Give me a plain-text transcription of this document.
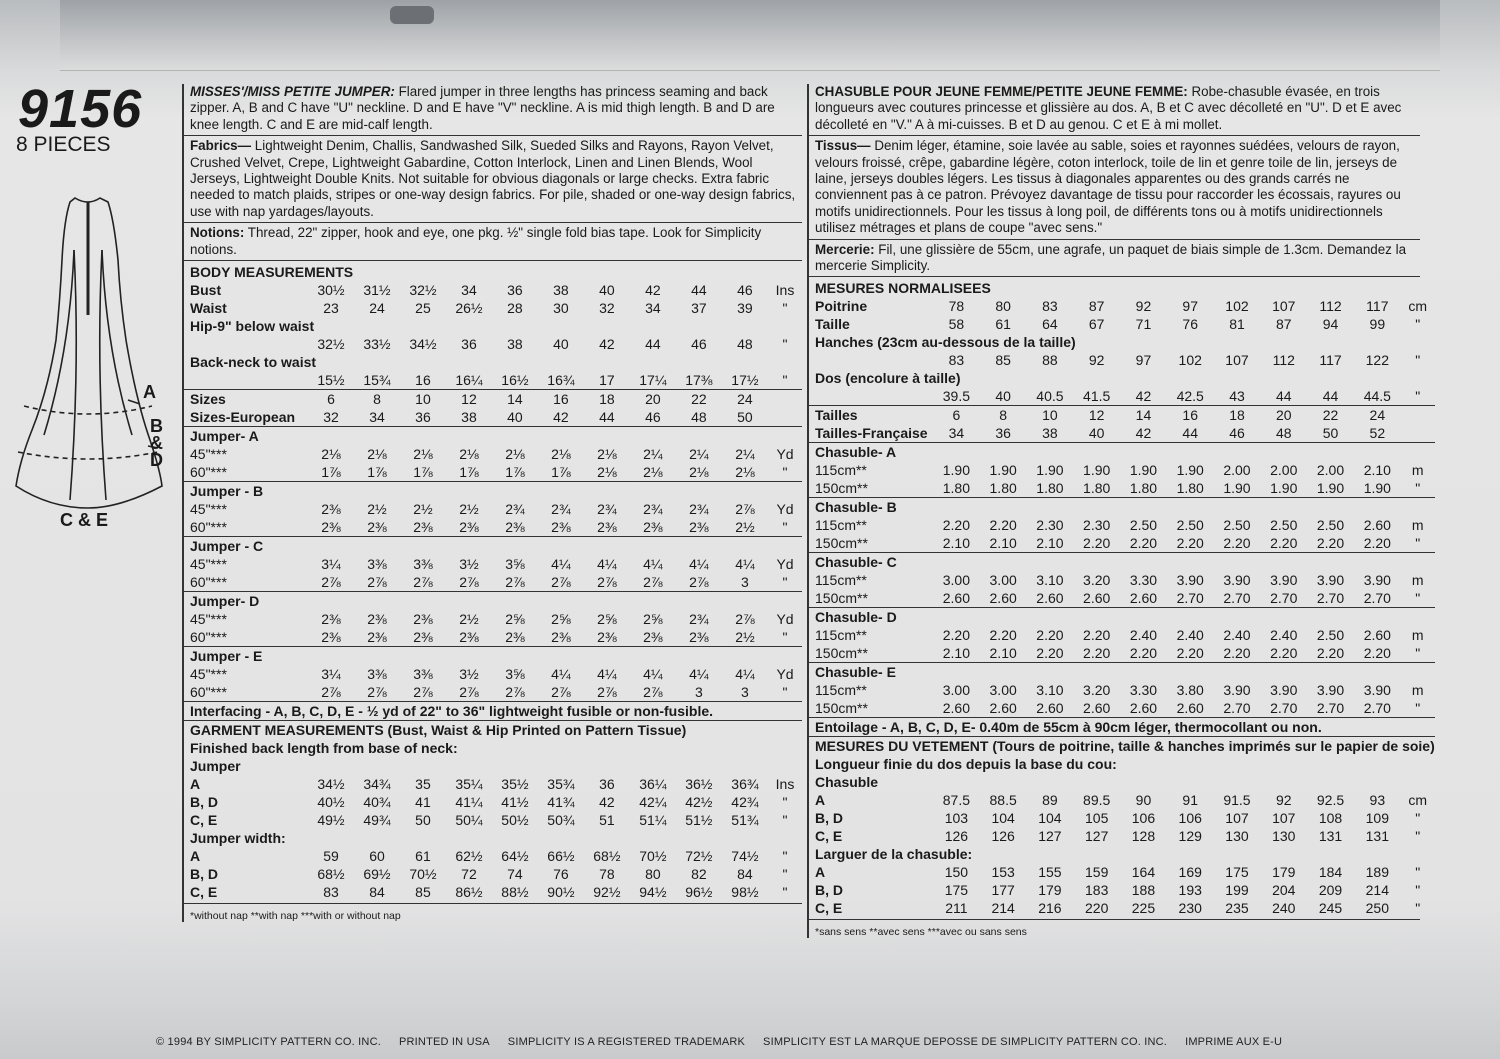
9156
8 PIECES
A
B & D
C & E
MISSES'/MISS PETITE JUMPER: Flared jumper in three lengths has princess seaming and back zipper. A, B and C have "U" neckline. D and E have "V" neckline. A is mid thigh length. B and D are knee length. C and E are mid-calf length.
Fabrics— Lightweight Denim, Challis, Sandwashed Silk, Sueded Silks and Rayons, Rayon Velvet, Crushed Velvet, Crepe, Lightweight Gabardine, Cotton Interlock, Linen and Linen Blends, Wool Jerseys, Lightweight Double Knits. Not suitable for obvious diagonals or large checks. Extra fabric needed to match plaids, stripes or one-way design fabrics. For pile, shaded or one-way design fabrics, use with nap yardages/layouts.
Notions: Thread, 22" zipper, hook and eye, one pkg. ½" single fold bias tape. Look for Simplicity notions.
BODY MEASUREMENTS											
Bust	30½	31½	32½	34	36	38	40	42	44	46	Ins
Waist	23	24	25	26½	28	30	32	34	37	39	"
Hip-9" below waist											
	32½	33½	34½	36	38	40	42	44	46	48	"
Back-neck to waist											
	15½	15¾	16	16¼	16½	16¾	17	17¼	17⅜	17½	"
Sizes	6	8	10	12	14	16	18	20	22	24	
Sizes-European	32	34	36	38	40	42	44	46	48	50	
Jumper- A											
45"***	2⅛	2⅛	2⅛	2⅛	2⅛	2⅛	2⅛	2¼	2¼	2¼	Yd
60"***	1⅞	1⅞	1⅞	1⅞	1⅞	1⅞	2⅛	2⅛	2⅛	2⅛	"
Jumper - B											
45"***	2⅜	2½	2½	2½	2¾	2¾	2¾	2¾	2¾	2⅞	Yd
60"***	2⅜	2⅜	2⅜	2⅜	2⅜	2⅜	2⅜	2⅜	2⅜	2½	"
Jumper - C											
45"***	3¼	3⅜	3⅜	3½	3⅝	4¼	4¼	4¼	4¼	4¼	Yd
60"***	2⅞	2⅞	2⅞	2⅞	2⅞	2⅞	2⅞	2⅞	2⅞	3	"
Jumper- D											
45"***	2⅜	2⅜	2⅜	2½	2⅝	2⅝	2⅝	2⅝	2¾	2⅞	Yd
60"***	2⅜	2⅜	2⅜	2⅜	2⅜	2⅜	2⅜	2⅜	2⅜	2½	"
Jumper - E											
45"***	3¼	3⅜	3⅜	3½	3⅝	4¼	4¼	4¼	4¼	4¼	Yd
60"***	2⅞	2⅞	2⅞	2⅞	2⅞	2⅞	2⅞	2⅞	3	3	"
Interfacing - A, B, C, D, E - ½ yd of 22" to 36" lightweight fusible or non-fusible.											
GARMENT MEASUREMENTS (Bust, Waist & Hip Printed on Pattern Tissue)											
Finished back length from base of neck:											
Jumper											
A	34½	34¾	35	35¼	35½	35¾	36	36¼	36½	36¾	Ins
B, D	40½	40¾	41	41¼	41½	41¾	42	42¼	42½	42¾	"
C, E	49½	49¾	50	50¼	50½	50¾	51	51¼	51½	51¾	"
Jumper width:											
A	59	60	61	62½	64½	66½	68½	70½	72½	74½	"
B, D	68½	69½	70½	72	74	76	78	80	82	84	"
C, E	83	84	85	86½	88½	90½	92½	94½	96½	98½	"
*without nap **with nap ***with or without nap
CHASUBLE POUR JEUNE FEMME/PETITE JEUNE FEMME: Robe-chasuble évasée, en trois longueurs avec coutures princesse et glissière au dos. A, B et C avec décolleté en "U". D et E avec décolleté en "V." A à mi-cuisses. B et D au genou. C et E à mi mollet.
Tissus— Denim léger, étamine, soie lavée au sable, soies et rayonnes suédées, velours de rayon, velours froissé, crêpe, gabardine légère, coton interlock, toile de lin et genre toile de lin, jerseys de laine, jerseys doubles légers. Les tissus à diagonales apparentes ou des grands carrés ne conviennent pas à ce patron. Prévoyez davantage de tissu pour raccorder les écossais, rayures ou motifs unidirectionnels. Pour les tissus à long poil, de différents tons ou à motifs unidirectionnels utilisez métrages et plans de coupe "avec sens."
Mercerie: Fil, une glissière de 55cm, une agrafe, un paquet de biais simple de 1.3cm. Demandez la mercerie Simplicity.
MESURES NORMALISEES											
Poitrine	78	80	83	87	92	97	102	107	112	117	cm
Taille	58	61	64	67	71	76	81	87	94	99	"
Hanches (23cm au-dessous de la taille)											
	83	85	88	92	97	102	107	112	117	122	"
Dos (encolure à taille)											
	39.5	40	40.5	41.5	42	42.5	43	44	44	44.5	"
Tailles	6	8	10	12	14	16	18	20	22	24	
Tailles-Française	34	36	38	40	42	44	46	48	50	52	
Chasuble- A											
115cm**	1.90	1.90	1.90	1.90	1.90	1.90	2.00	2.00	2.00	2.10	m
150cm**	1.80	1.80	1.80	1.80	1.80	1.80	1.90	1.90	1.90	1.90	"
Chasuble- B											
115cm**	2.20	2.20	2.30	2.30	2.50	2.50	2.50	2.50	2.50	2.60	m
150cm**	2.10	2.10	2.10	2.20	2.20	2.20	2.20	2.20	2.20	2.20	"
Chasuble- C											
115cm**	3.00	3.00	3.10	3.20	3.30	3.90	3.90	3.90	3.90	3.90	m
150cm**	2.60	2.60	2.60	2.60	2.60	2.70	2.70	2.70	2.70	2.70	"
Chasuble- D											
115cm**	2.20	2.20	2.20	2.20	2.40	2.40	2.40	2.40	2.50	2.60	m
150cm**	2.10	2.10	2.20	2.20	2.20	2.20	2.20	2.20	2.20	2.20	"
Chasuble- E											
115cm**	3.00	3.00	3.10	3.20	3.30	3.80	3.90	3.90	3.90	3.90	m
150cm**	2.60	2.60	2.60	2.60	2.60	2.60	2.70	2.70	2.70	2.70	"
Entoilage - A, B, C, D, E- 0.40m de 55cm à 90cm léger, thermocollant ou non.											
MESURES DU VETEMENT (Tours de poitrine, taille & hanches imprimés sur le papier de soie)											
Longueur finie du dos depuis la base du cou:											
Chasuble											
A	87.5	88.5	89	89.5	90	91	91.5	92	92.5	93	cm
B, D	103	104	104	105	106	106	107	107	108	109	"
C, E	126	126	127	127	128	129	130	130	131	131	"
Larguer de la chasuble:											
A	150	153	155	159	164	169	175	179	184	189	"
B, D	175	177	179	183	188	193	199	204	209	214	"
C, E	211	214	216	220	225	230	235	240	245	250	"
*sans sens **avec sens ***avec ou sans sens
© 1994 BY SIMPLICITY PATTERN CO. INC. PRINTED IN USA SIMPLICITY IS A REGISTERED TRADEMARK SIMPLICITY EST LA MARQUE DEPOSSE DE SIMPLICITY PATTERN CO. INC. IMPRIME AUX E-U
